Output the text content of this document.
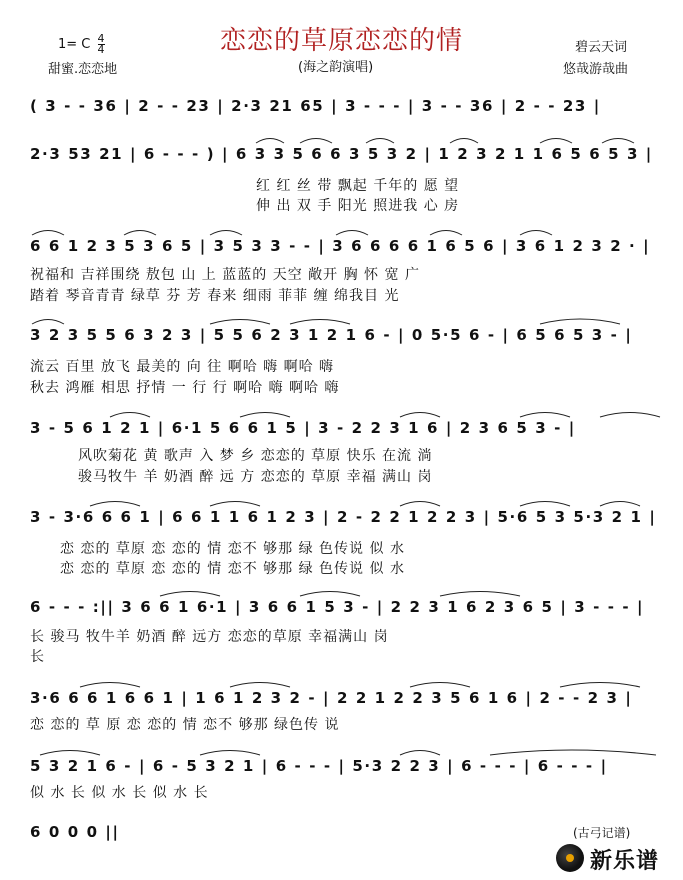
1= C $\frac{4}{4}$	恋恋的草原恋恋的情	碧云天词
甜蜜.恋恋地	(海之韵演唱)	悠哉游哉曲
( 3 - - 36 | 2 - - 23 | 2·3 21 65 | 3 - - - | 3 - - 36 | 2 - - 23 |
2·3 53 21 | 6 - - - ) | 6 3 3 5 6 6 3 5 3 2 | 1 2 3 2 1 1 6 5 6 5 3 |
红 红 丝 带 飘起 千年的 愿 望
伸 出 双 手 阳光 照进我 心 房
6 6 1 2 3 5 3 6 5 | 3 5 3 3 - - | 3 6 6 6 6 1 6 5 6 | 3 6 1 2 3 2 · |
祝福和 吉祥围绕 敖包 山 上 蓝蓝的 天空 敞开 胸 怀 宽 广
踏着 琴音青青 绿草 芬 芳 春来 细雨 菲菲 缠 绵我目 光
3 2 3 5 5 6 3 2 3 | 5 5 6 2 3 1 2 1 6 - | 0 5·5 6 - | 6 5 6 5 3 - |
流云 百里 放飞 最美的 向 往 啊哈 嗨 啊哈 嗨
秋去 鸿雁 相思 抒情 一 行 行 啊哈 嗨 啊哈 嗨
3 - 5 6 1 2 1 | 6·1 5 6 6 1 5 | 3 - 2 2 3 1 6 | 2 3 6 5 3 - |
风吹菊花 黄 歌声 入 梦 乡 恋恋的 草原 快乐 在流 淌
骏马牧牛 羊 奶酒 醉 远 方 恋恋的 草原 幸福 满山 岗
3 - 3·6 6 6 1 | 6 6 1 1 6 1 2 3 | 2 - 2 2 1 2 2 3 | 5·6 5 3 5·3 2 1 |
恋 恋的 草原 恋 恋的 情 恋不 够那 绿 色传说 似 水
恋 恋的 草原 恋 恋的 情 恋不 够那 绿 色传说 似 水
6 - - - :|| 3 6 6 1 6·1 | 3 6 6 1 5 3 - | 2 2 3 1 6 2 3 6 5 | 3 - - - |
长 骏马 牧牛羊 奶酒 醉 远方 恋恋的草原 幸福满山 岗
长
3·6 6 6 1 6 6 1 | 1 6 1 2 3 2 - | 2 2 1 2 2 3 5 6 1 6 | 2 - - 2 3 |
恋 恋的 草 原 恋 恋的 情 恋不 够那 绿色传 说
5 3 2 1 6 - | 6 - 5 3 2 1 | 6 - - - | 5·3 2 2 3 | 6 - - - | 6 - - - |
似 水 长 似 水 长 似 水 长
6 0 0 0 ||	(古弓记谱)
新乐谱
